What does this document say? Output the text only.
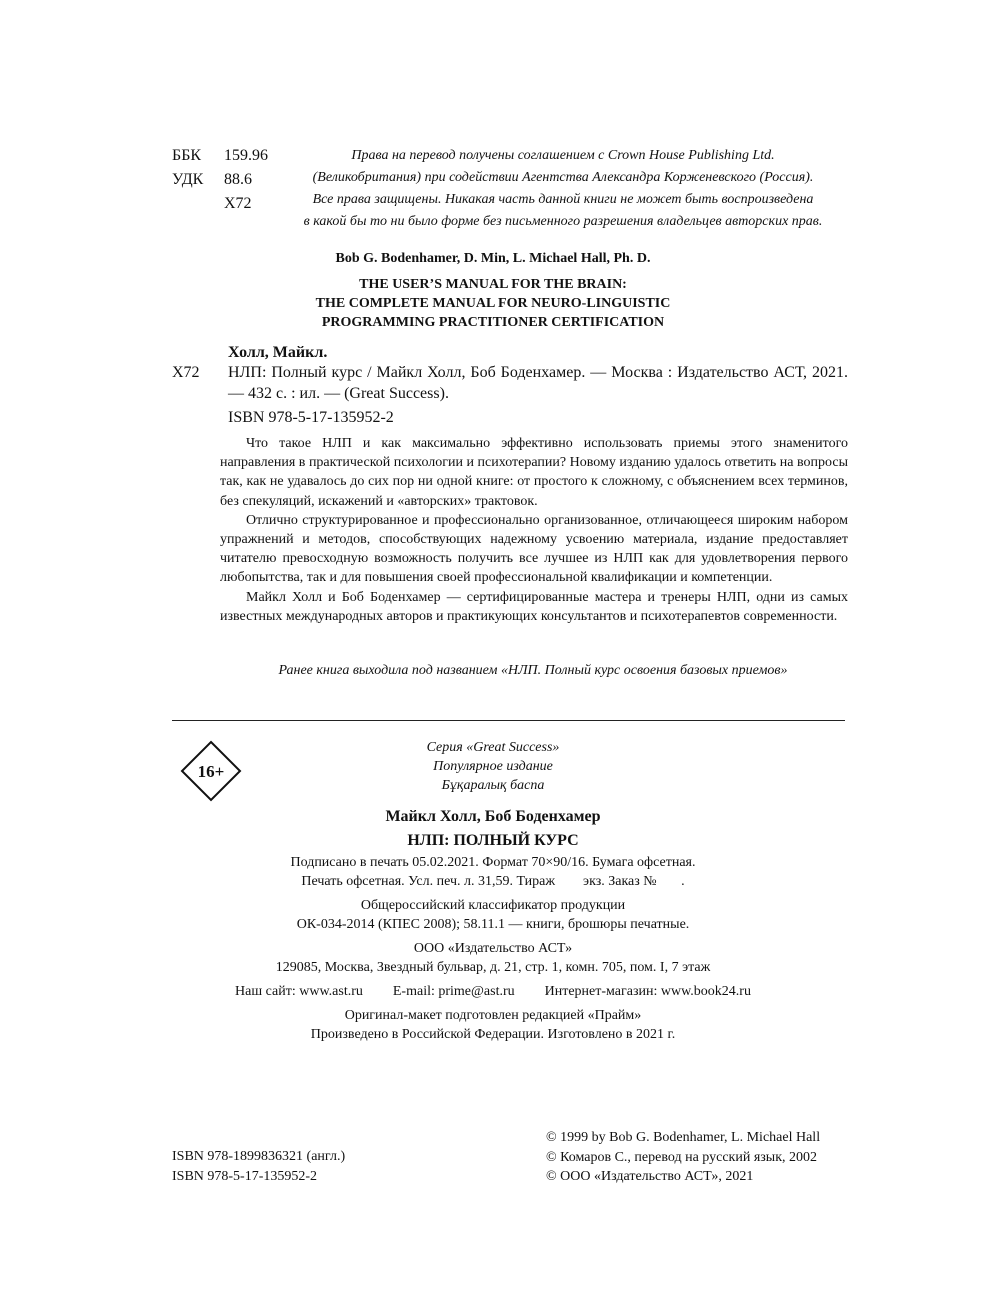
ББК	159.96
УДК	88.6
Х72
Права на перевод получены соглашением с Crown House Publishing Ltd.
(Великобритания) при содействии Агентства Александра Корженевского (Россия).
Все права защищены. Никакая часть данной книги не может быть воспроизведена
в какой бы то ни было форме без письменного разрешения владельцев авторских прав.
Bob G. Bodenhamer, D. Min, L. Michael Hall, Ph. D.
THE USER’S MANUAL FOR THE BRAIN:
THE COMPLETE MANUAL FOR NEURO-LINGUISTIC
PROGRAMMING PRACTITIONER CERTIFICATION
Холл, Майкл.
Х72 НЛП: Полный курс / Майкл Холл, Боб Боденхамер. — Москва : Издательство АСТ, 2021. — 432 с. : ил. — (Great Success).
ISBN 978-5-17-135952-2

Что такое НЛП и как максимально эффективно использовать приемы этого знаменитого направления в практической психологии и психотерапии? Новому изданию удалось ответить на вопросы так, как не удавалось до сих пор ни одной книге: от простого к сложному, с объяснением всех терминов, без спекуляций, искажений и «авторских» трактовок.

Отлично структурированное и профессионально организованное, отличающееся широким набором упражнений и методов, способствующих надежному усвоению материала, издание предоставляет читателю превосходную возможность получить все лучшее из НЛП как для удовлетворения первого любопытства, так и для повышения своей профессиональной квалификации и компетенции.

Майкл Холл и Боб Боденхамер — сертифицированные мастера и тренеры НЛП, одни из самых известных международных авторов и практикующих консультантов и психотерапевтов современности.

Ранее книга выходила под названием «НЛП. Полный курс освоения базовых приемов»
16+
Серия «Great Success»
Популярное издание
Бұқаралық баспа
Майкл Холл, Боб Боденхамер
НЛП: ПОЛНЫЙ КУРС
Подписано в печать 05.02.2021. Формат 70×90/16. Бумага офсетная.
Печать офсетная. Усл. печ. л. 31,59. Тираж        экз. Заказ №       .
Общероссийский классификатор продукции
ОК-034-2014 (КПЕС 2008); 58.11.1 — книги, брошюры печатные.
ООО «Издательство АСТ»
129085, Москва, Звездный бульвар, д. 21, стр. 1, комн. 705, пом. I, 7 этаж
Наш сайт: www.ast.ru E-mail: prime@ast.ru Интернет-магазин: www.book24.ru
Оригинал-макет подготовлен редакцией «Прайм»
Произведено в Российской Федерации. Изготовлено в 2021 г.
© 1999 by Bob G. Bodenhamer, L. Michael Hall
© Комаров С., перевод на русский язык, 2002
© ООО «Издательство АСТ», 2021
ISBN 978-1899836321 (англ.)
ISBN 978-5-17-135952-2
